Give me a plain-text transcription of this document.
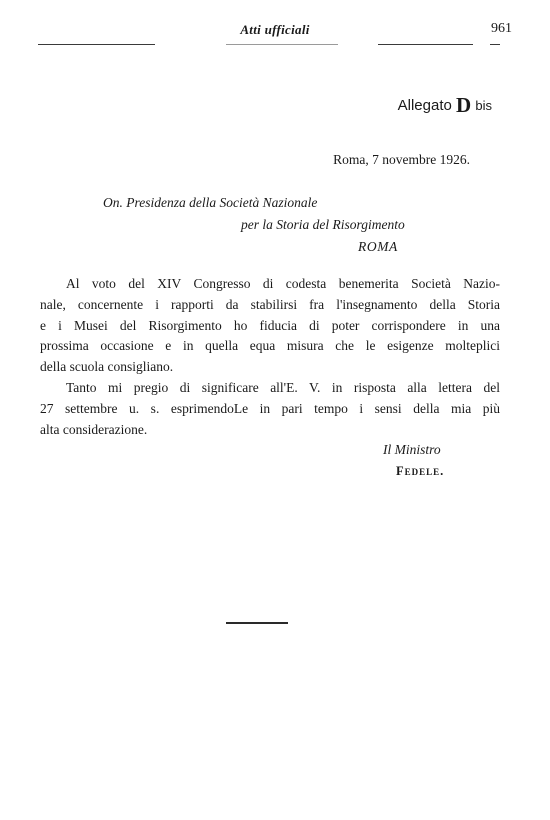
Atti ufficiali	961
Allegato D bis
Roma, 7 novembre 1926.
On. Presidenza della Società Nazionale
per la Storia del Risorgimento
ROMA

Al voto del XIV Congresso di codesta benemerita Società Nazio-
nale, concernente i rapporti da stabilirsi fra l'insegnamento della Storia
e i Musei del Risorgimento ho fiducia di poter corrispondere in una
prossima occasione e in quella equa misura che le esigenze molteplici
della scuola consigliano.

Tanto mi pregio di significare all'E. V. in risposta alla lettera del
27 settembre u. s. esprimendoLe in pari tempo i sensi della mia più
alta considerazione.

Il Ministro
Fedele.
